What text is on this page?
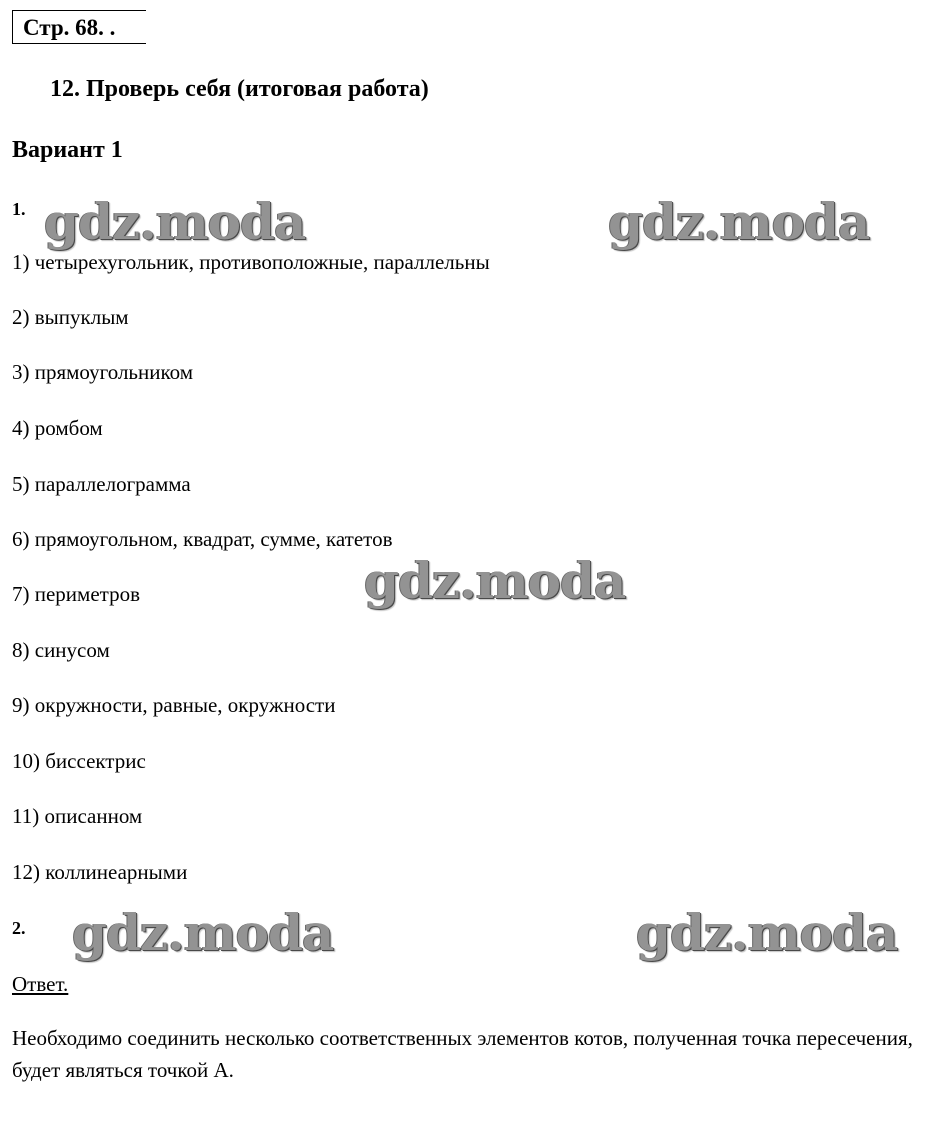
Стр. 68. .
12. Проверь себя (итоговая работа)
Вариант 1
1.
1) четырехугольник, противоположные, параллельны
2) выпуклым
3) прямоугольником
4) ромбом
5) параллелограмма
6) прямоугольном, квадрат, сумме, катетов
7) периметров
8) синусом
9) окружности, равные, окружности
10) биссектрис
11) описанном
12) коллинеарными
2.
Ответ.
Необходимо соединить несколько соответственных элементов котов, полученная точка пересечения, будет являться точкой А.
gdz.moda	gdz.moda
gdz.moda
gdz.moda	gdz.moda
